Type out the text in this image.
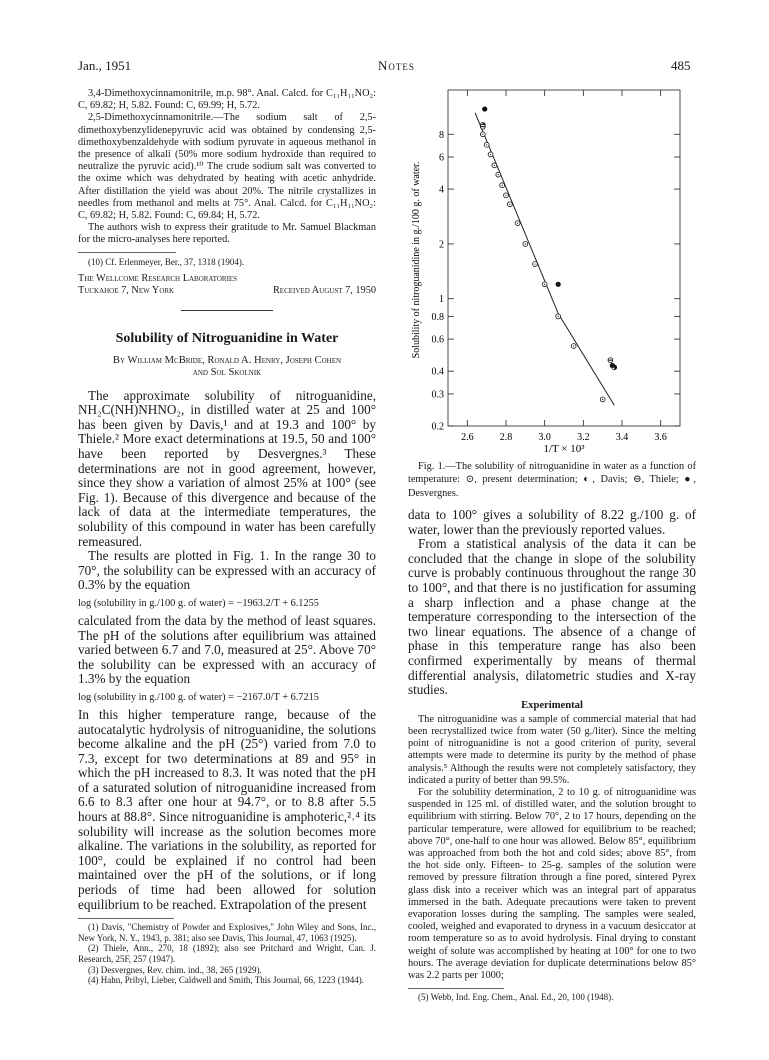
Jan., 1951	Notes	485

3,4-Dimethoxycinnamonitrile, m.p. 98°. Anal. Calcd. for C₁₁H₁₁NO₂: C, 69.82; H, 5.82. Found: C, 69.99; H, 5.72.

2,5-Dimethoxycinnamonitrile.—The sodium salt of 2,5-dimethoxybenzylidenepyruvic acid was obtained by condensing 2,5-dimethoxybenzaldehyde with sodium pyruvate in aqueous methanol in the presence of alkali (50% more sodium hydroxide than required to neutralize the pyruvic acid).¹⁰ The crude sodium salt was converted to the oxime which was dehydrated by heating with acetic anhydride. After distillation the yield was about 20%. The nitrile crystallizes in needles from methanol and melts at 75°. Anal. Calcd. for C₁₁H₁₁NO₂: C, 69.82; H, 5.82. Found: C, 69.84; H, 5.72.

The authors wish to express their gratitude to Mr. Samuel Blackman for the micro-analyses here reported.

(10) Cf. Erlenmeyer, Ber., 37, 1318 (1904).

The Wellcome Research Laboratories

Tuckahoe 7, New York	Received August 7, 1950
Solubility of Nitroguanidine in Water

By William McBride, Ronald A. Henry, Joseph Cohen

and Sol Skolnik

The approximate solubility of nitroguanidine, NH₂C(NH)NHNO₂, in distilled water at 25 and 100° has been given by Davis,¹ and at 19.3 and 100° by Thiele.² More exact determinations at 19.5, 50 and 100° have been reported by Desvergnes.³ These determinations are not in good agreement, however, since they show a variation of almost 25% at 100° (see Fig. 1). Because of this divergence and because of the lack of data at the intermediate temperatures, the solubility of this compound in water has been carefully remeasured.

The results are plotted in Fig. 1. In the range 30 to 70°, the solubility can be expressed with an accuracy of 0.3% by the equation

log (solubility in g./100 g. of water) = −1963.2/T + 6.1255

calculated from the data by the method of least squares. The pH of the solutions after equilibrium was attained varied between 6.7 and 7.0, measured at 25°. Above 70° the solubility can be expressed with an accuracy of 1.3% by the equation

log (solubility in g./100 g. of water) = −2167.0/T + 6.7215

In this higher temperature range, because of the autocatalytic hydrolysis of nitroguanidine, the solutions become alkaline and the pH (25°) varied from 7.0 to 7.3, except for two determinations at 89 and 95° in which the pH increased to 8.3. It was noted that the pH of a saturated solution of nitroguanidine increased from 6.6 to 8.3 after one hour at 94.7°, or to 8.8 after 5.5 hours at 88.8°. Since nitroguanidine is amphoteric,²˒⁴ its solubility will increase as the solution becomes more alkaline. The variations in the solubility, as reported for 100°, could be explained if no control had been maintained over the pH of the solutions, or if long periods of time had been allowed for solution equilibrium to be reached. Extrapolation of the present

(1) Davis, "Chemistry of Powder and Explosives," John Wiley and Sons, Inc., New York, N. Y., 1943, p. 381; also see Davis, This Journal, 47, 1063 (1925).

(2) Thiele, Ann., 270, 18 (1892); also see Pritchard and Wright, Can. J. Research, 25F, 257 (1947).

(3) Desvergnes, Rev. chim. ind., 38, 265 (1929).

(4) Hahn, Pribyl, Lieber, Caldwell and Smith, This Journal, 66, 1223 (1944).

0.2
0.3
0.4
0.6
0.8
1
2
4
6
8
2.6	2.8	3.0	3.2	3.4	3.6
Solubility of nitroguanidine in g./100 g. of water.
1/T × 10³

Fig. 1.—The solubility of nitroguanidine in water as a function of temperature: ⊙, present determination; ◐, Davis; ⊖, Thiele; ●, Desvergnes.

data to 100° gives a solubility of 8.22 g./100 g. of water, lower than the previously reported values.

From a statistical analysis of the data it can be concluded that the change in slope of the solubility curve is probably continuous throughout the range 30 to 100°, and that there is no justification for assuming a sharp inflection and a phase change at the temperature corresponding to the intersection of the two linear equations. The absence of a change of phase in this temperature range has also been confirmed experimentally by means of thermal differential analysis, dilatometric studies and X-ray studies.

Experimental

The nitroguanidine was a sample of commercial material that had been recrystallized twice from water (50 g./liter). Since the melting point of nitroguanidine is not a good criterion of purity, several attempts were made to determine its purity by the method of phase analysis.⁵ Although the results were not completely satisfactory, they indicated a purity of better than 99.5%.

For the solubility determination, 2 to 10 g. of nitroguanidine was suspended in 125 ml. of distilled water, and the solution brought to equilibrium with stirring. Below 70°, 2 to 17 hours, depending on the particular temperature, were allowed for equilibrium to be reached; above 70°, one-half to one hour was allowed. Below 85°, equilibrium was approached from both the hot and cold sides; above 85°, from the hot side only. Fifteen- to 25-g. samples of the solution were removed by pressure filtration through a fine pored, sintered Pyrex glass disk into a receiver which was an integral part of apparatus immersed in the bath. Adequate precautions were taken to prevent evaporation losses during the sampling. The samples were sealed, cooled, weighed and evaporated to dryness in a vacuum desiccator at room temperature so as to avoid hydrolysis. Final drying to constant weight of solute was accomplished by heating at 100° for one to two hours. The average deviation for duplicate determinations below 85° was 2.2 parts per 1000;

(5) Webb, Ind. Eng. Chem., Anal. Ed., 20, 100 (1948).
